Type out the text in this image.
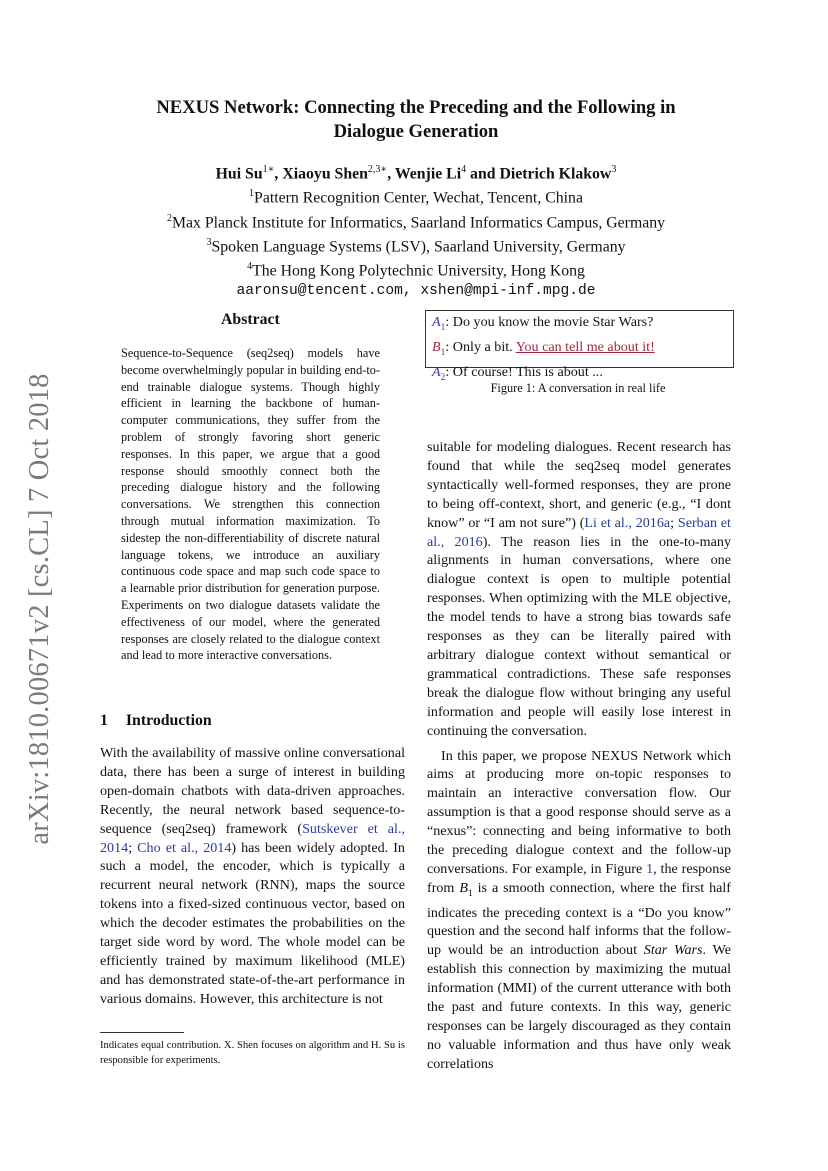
arXiv:1810.00671v2 [cs.CL] 7 Oct 2018
NEXUS Network: Connecting the Preceding and the Following in
Dialogue Generation
Hui $Su^{1∗}$, Xiaoyu Shen$^{2,3∗}$, Wenjie Li$^4$ and Dietrich Klakow$^3$
$^1$Pattern Recognition Center, Wechat, Tencent, China
$^2$Max Planck Institute for Informatics, Saarland Informatics Campus, Germany
$^3$Spoken Language Systems (LSV), Saarland University, Germany
$^4$The Hong Kong Polytechnic University, Hong Kong
aaronsu@tencent.com, xshen@mpi-inf.mpg.de
Abstract
Sequence-to-Sequence (seq2seq) models have become overwhelmingly popular in building end-to-end trainable dialogue systems. Though highly efficient in learning the backbone of human-computer communications, they suffer from the problem of strongly favoring short generic responses. In this paper, we argue that a good response should smoothly connect both the preceding dialogue history and the following conversations. We strengthen this connection through mutual information maximization. To sidestep the non-differentiability of discrete natural language tokens, we introduce an auxiliary continuous code space and map such code space to a learnable prior distribution for generation purpose. Experiments on two dialogue datasets validate the effectiveness of our model, where the generated responses are closely related to the dialogue context and lead to more interactive conversations.
1 Introduction
With the availability of massive online conversational data, there has been a surge of interest in building open-domain chatbots with data-driven approaches. Recently, the neural network based sequence-to-sequence (seq2seq) framework (Sutskever et al., 2014; Cho et al., 2014) has been widely adopted. In such a model, the encoder, which is typically a recurrent neural network (RNN), maps the source tokens into a fixed-sized continuous vector, based on which the decoder estimates the probabilities on the target side word by word. The whole model can be efficiently trained by maximum likelihood (MLE) and has demonstrated state-of-the-art performance in various domains. However, this architecture is not
Indicates equal contribution. X. Shen focuses on algorithm and H. Su is responsible for experiments.
$A_1$: Do you know the movie Star Wars?
$B_1$: Only a bit. You can tell me about it!
$A_2$: Of course! This is about ...
Figure 1: A conversation in real life

suitable for modeling dialogues. Recent research has found that while the seq2seq model generates syntactically well-formed responses, they are prone to being off-context, short, and generic (e.g., “I dont know” or “I am not sure”) (Li et al., 2016a; Serban et al., 2016). The reason lies in the one-to-many alignments in human conversations, where one dialogue context is open to multiple potential responses. When optimizing with the MLE objective, the model tends to have a strong bias towards safe responses as they can be literally paired with arbitrary dialogue context without semantical or grammatical contradictions. These safe responses break the dialogue flow without bringing any useful information and people will easily lose interest in continuing the conversation.

In this paper, we propose NEXUS Network which aims at producing more on-topic responses to maintain an interactive conversation flow. Our assumption is that a good response should serve as a “nexus”: connecting and being informative to both the preceding dialogue context and the follow-up conversations. For example, in Figure 1, the response from $B_1$ is a smooth connection, where the first half indicates the preceding context is a “Do you know” question and the second half informs that the follow-up would be an introduction about Star Wars. We establish this connection by maximizing the mutual information (MMI) of the current utterance with both the past and future contexts. In this way, generic responses can be largely discouraged as they contain no valuable information and thus have only weak correlations
